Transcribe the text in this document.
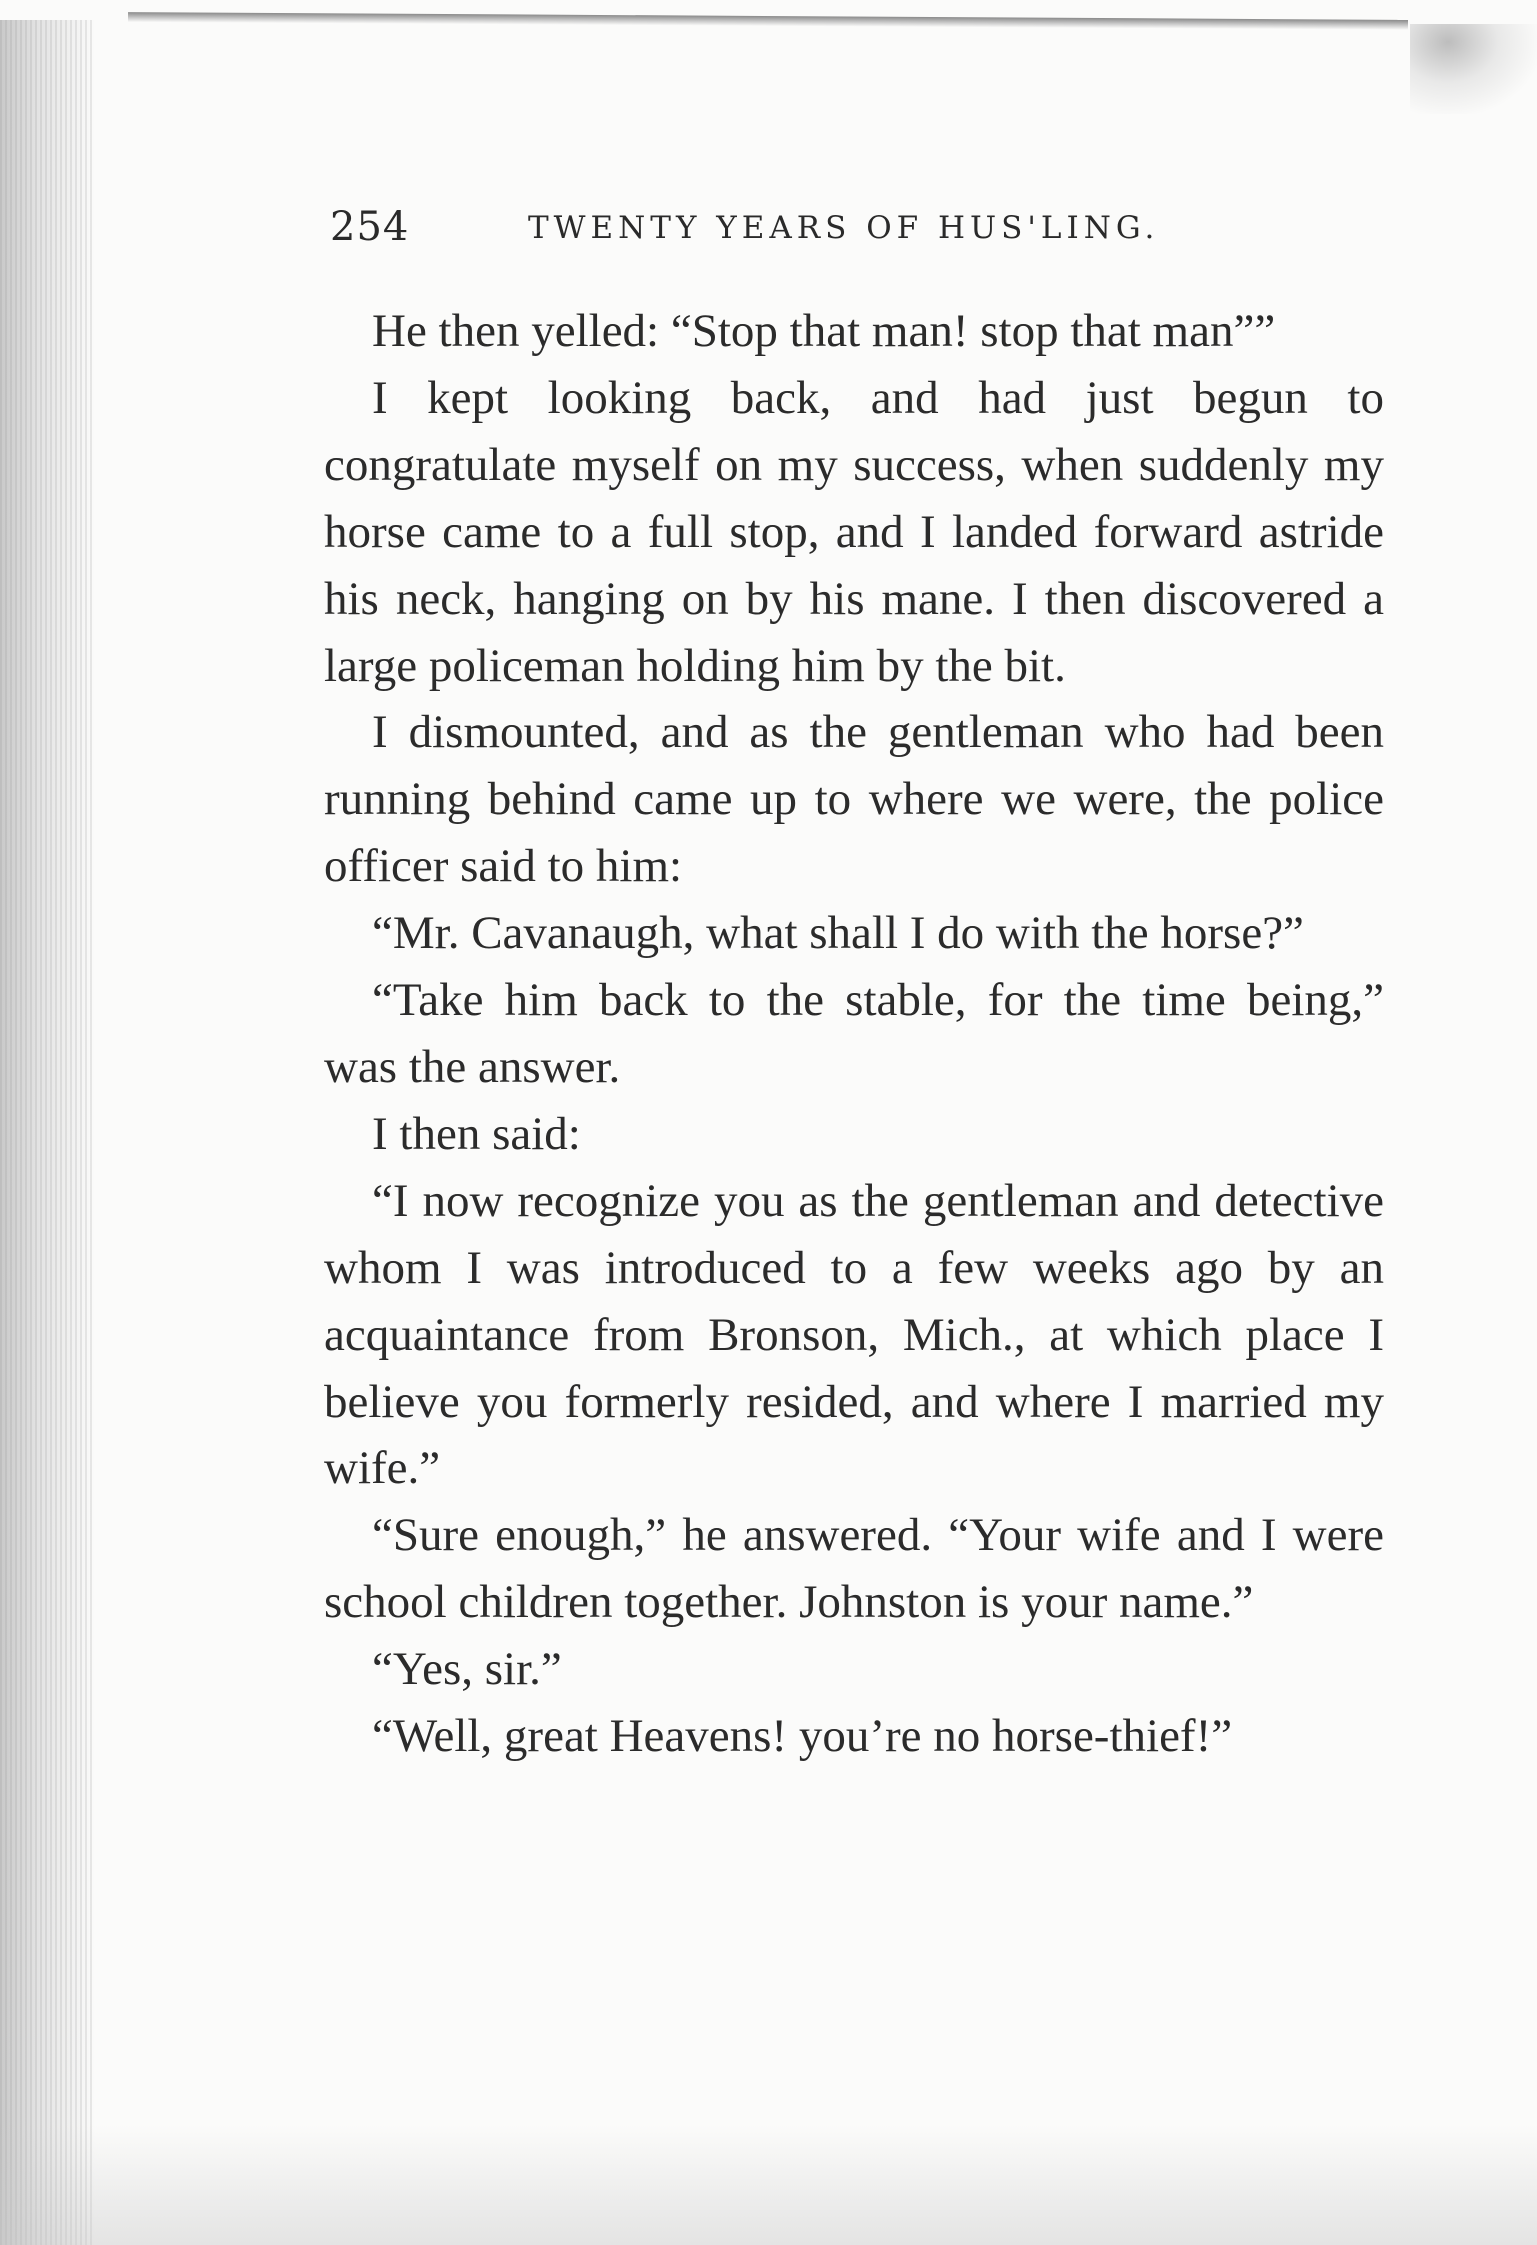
254	TWENTY YEARS OF HUS'LING.

He then yelled: “Stop that man! stop that man””

I kept looking back, and had just begun to congratulate myself on my success, when suddenly my horse came to a full stop, and I landed forward astride his neck, hanging on by his mane. I then discovered a large policeman holding him by the bit.

I dismounted, and as the gentleman who had been running behind came up to where we were, the police officer said to him:

“Mr. Cavanaugh, what shall I do with the horse?”

“Take him back to the stable, for the time being,” was the answer.

I then said:

“I now recognize you as the gentleman and detective whom I was introduced to a few weeks ago by an acquaintance from Bronson, Mich., at which place I believe you formerly resided, and where I married my wife.”

“Sure enough,” he answered. “Your wife and I were school children together. Johnston is your name.”

“Yes, sir.”

“Well, great Heavens! you’re no horse-thief!”
